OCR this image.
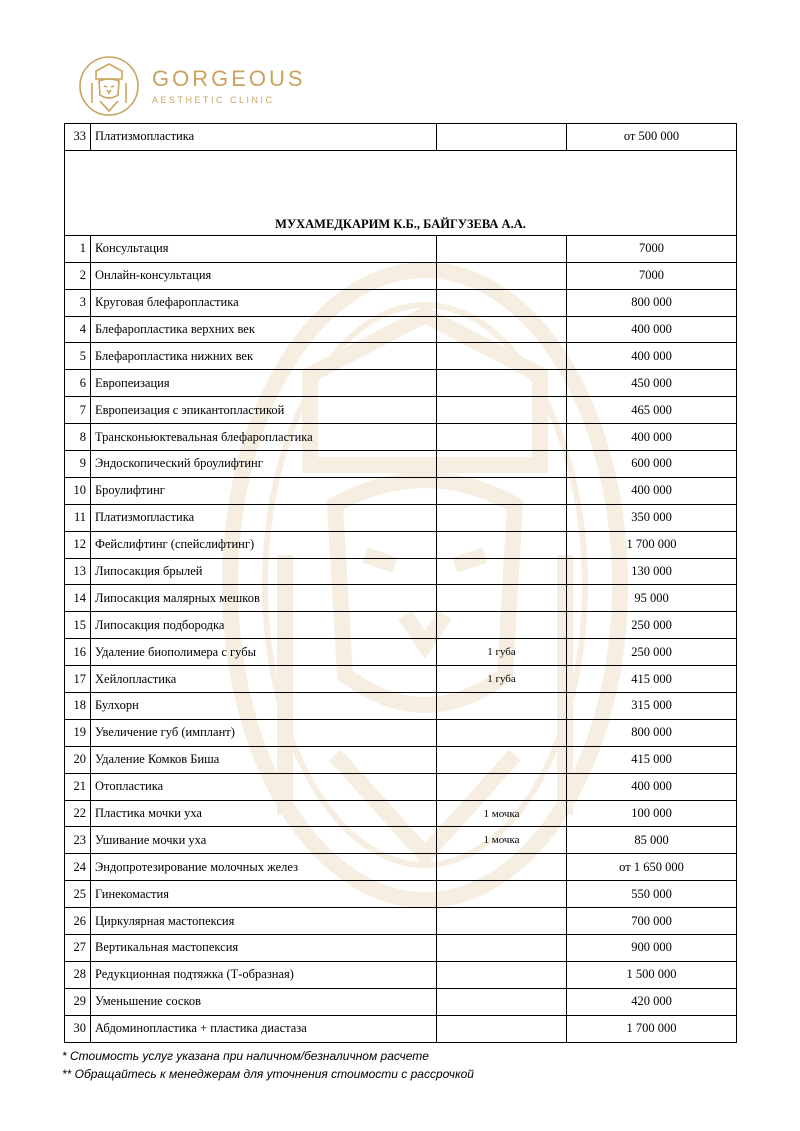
GORGEOUS
AESTHETIC CLINIC
33	Платизмопластика		от 500 000
МУХАМЕДКАРИМ К.Б., БАЙГУЗЕВА А.А.			
1	Консультация		7000
2	Онлайн-консультация		7000
3	Круговая блефаропластика		800 000
4	Блефаропластика верхних век		400 000
5	Блефаропластика нижних век		400 000
6	Европеизация		450 000
7	Европеизация с эпикантопластикой		465 000
8	Трансконьюктевальная блефаропластика		400 000
9	Эндоскопический броулифтинг		600 000
10	Броулифтинг		400 000
11	Платизмопластика		350 000
12	Фейслифтинг (спейслифтинг)		1 700 000
13	Липосакция брылей		130 000
14	Липосакция малярных мешков		95 000
15	Липосакция подбородка		250 000
16	Удаление биополимера с губы	1 губа	250 000
17	Хейлопластика	1 губа	415 000
18	Булхорн		315 000
19	Увеличение губ (имплант)		800 000
20	Удаление Комков Биша		415 000
21	Отопластика		400 000
22	Пластика мочки уха	1 мочка	100 000
23	Ушивание мочки уха	1 мочка	85 000
24	Эндопротезирование молочных желез		от 1 650 000
25	Гинекомастия		550 000
26	Циркулярная мастопексия		700 000
27	Вертикальная мастопексия		900 000
28	Редукционная подтяжка (Т-образная)		1 500 000
29	Уменьшение сосков		420 000
30	Абдоминопластика + пластика диастаза		1 700 000
* Стоимость услуг указана при наличном/безналичном расчете
** Обращайтесь к менеджерам для уточнения стоимости с рассрочкой
